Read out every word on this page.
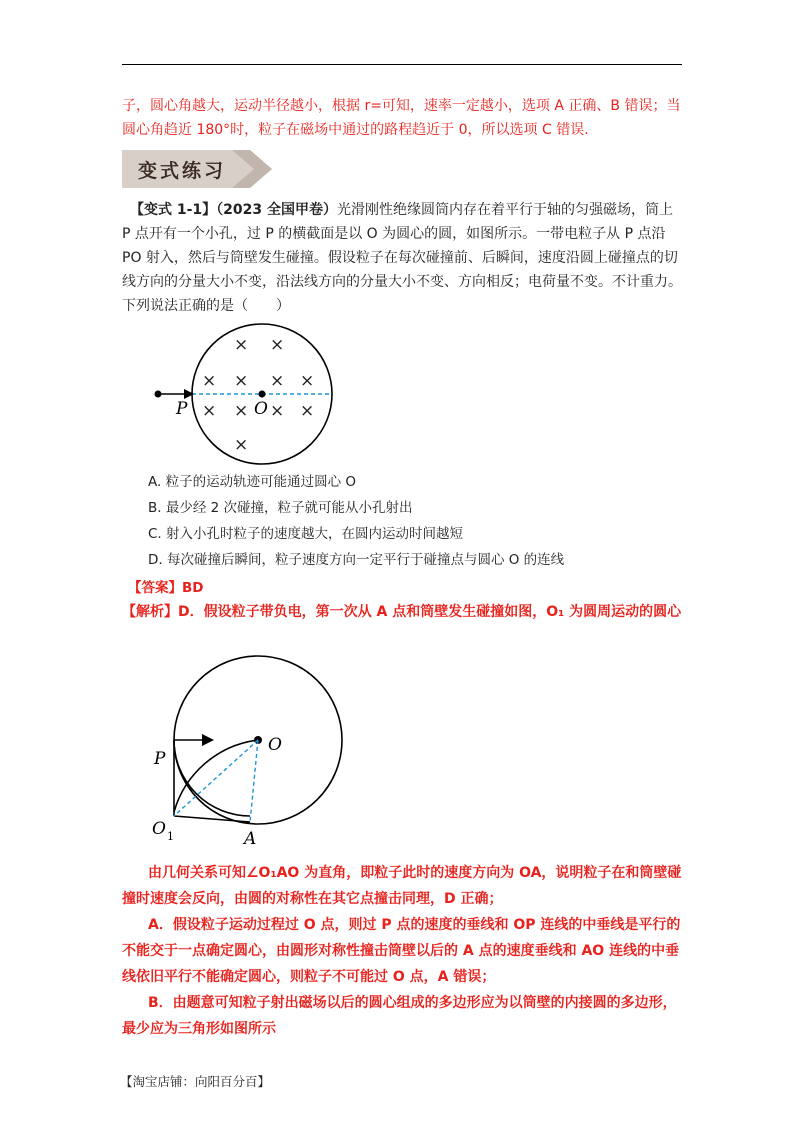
子，圆心角越大，运动半径越小，根据 r=可知，速率一定越小，选项 A 正确、B 错误；当圆心角趋近 180°时，粒子在磁场中通过的路程趋近于 0，所以选项 C 错误.

变式练习

【变式 1-1】（2023 全国甲卷）光滑刚性绝缘圆筒内存在着平行于轴的匀强磁场，筒上 P 点开有一个小孔，过 P 的横截面是以 O 为圆心的圆，如图所示。一带电粒子从 P 点沿 PO 射入，然后与筒壁发生碰撞。假设粒子在每次碰撞前、后瞬间，速度沿圆上碰撞点的切线方向的分量大小不变，沿法线方向的分量大小不变、方向相反；电荷量不变。不计重力。下列说法正确的是（　　）

P	O
× ×
× × × ×
× × × ×
×
A. 粒子的运动轨迹可能通过圆心 O
B. 最少经 2 次碰撞，粒子就可能从小孔射出
C. 射入小孔时粒子的速度越大，在圆内运动时间越短
D. 每次碰撞后瞬间，粒子速度方向一定平行于碰撞点与圆心 O 的连线
【答案】BD

【解析】D．假设粒子带负电，第一次从 A 点和筒壁发生碰撞如图，O₁ 为圆周运动的圆心

P
O
O 1	A

由几何关系可知∠O₁AO 为直角，即粒子此时的速度方向为 OA，说明粒子在和筒壁碰撞时速度会反向，由圆的对称性在其它点撞击同理，D 正确；

A．假设粒子运动过程过 O 点，则过 P 点的速度的垂线和 OP 连线的中垂线是平行的不能交于一点确定圆心，由圆形对称性撞击筒壁以后的 A 点的速度垂线和 AO 连线的中垂线依旧平行不能确定圆心，则粒子不可能过 O 点，A 错误；

B．由题意可知粒子射出磁场以后的圆心组成的多边形应为以筒壁的内接圆的多边形，最少应为三角形如图所示

【淘宝店铺：向阳百分百】
